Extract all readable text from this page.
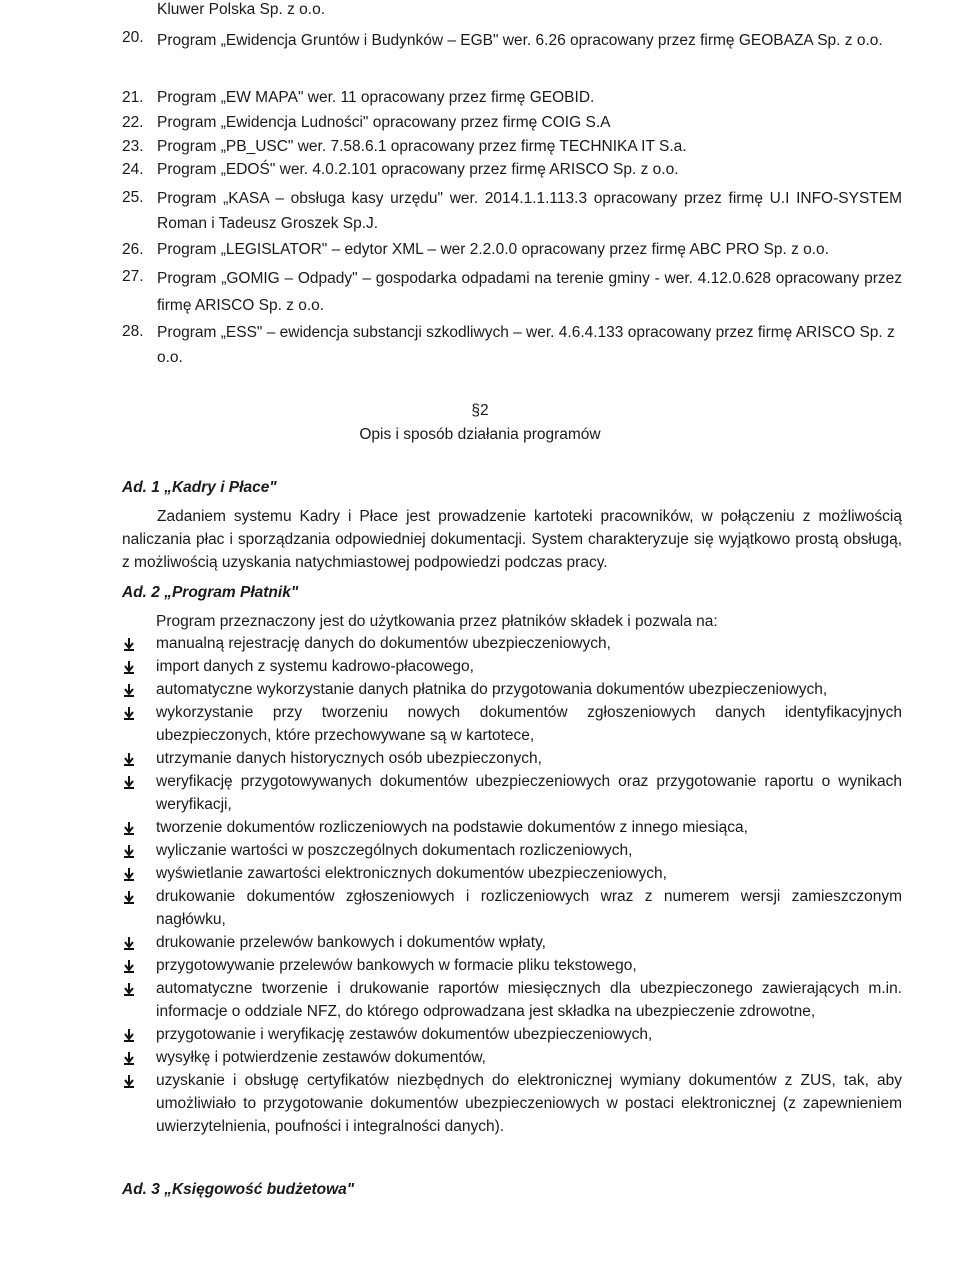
Kluwer Polska Sp. z o.o.
20. Program „Ewidencja Gruntów i Budynków – EGB" wer. 6.26 opracowany przez firmę GEOBAZA Sp. z o.o.
21. Program „EW MAPA" wer. 11 opracowany przez firmę GEOBID.
22. Program „Ewidencja Ludności" opracowany przez firmę COIG S.A
23. Program „PB_USC" wer. 7.58.6.1 opracowany przez firmę TECHNIKA IT S.a.
24. Program „EDOŚ" wer. 4.0.2.101 opracowany przez firmę ARISCO Sp. z o.o.
25. Program „KASA – obsługa kasy urzędu" wer. 2014.1.1.113.3 opracowany przez firmę U.I INFO-SYSTEM Roman i Tadeusz Groszek Sp.J.
26. Program „LEGISLATOR" – edytor XML – wer 2.2.0.0 opracowany przez firmę ABC PRO Sp. z o.o.
27. Program „GOMIG – Odpady" – gospodarka odpadami na terenie gminy - wer. 4.12.0.628 opracowany przez firmę ARISCO Sp. z o.o.
28. Program „ESS" – ewidencja substancji szkodliwych – wer. 4.6.4.133 opracowany przez firmę ARISCO Sp. z o.o.
§2
Opis i sposób działania programów
Ad. 1 „Kadry i Płace"
Zadaniem systemu Kadry i Płace jest prowadzenie kartoteki pracowników, w połączeniu z możliwością naliczania płac i sporządzania odpowiedniej dokumentacji. System charakteryzuje się wyjątkowo prostą obsługą, z możliwością uzyskania natychmiastowej podpowiedzi podczas pracy.
Ad. 2 „Program Płatnik"
Program przeznaczony jest do użytkowania przez płatników składek i pozwala na:
manualną rejestrację danych do dokumentów ubezpieczeniowych,
import danych z systemu kadrowo-płacowego,
automatyczne wykorzystanie danych płatnika do przygotowania dokumentów ubezpieczeniowych,
wykorzystanie przy tworzeniu nowych dokumentów zgłoszeniowych danych identyfikacyjnych ubezpieczonych, które przechowywane są w kartotece,
utrzymanie danych historycznych osób ubezpieczonych,
weryfikację przygotowywanych dokumentów ubezpieczeniowych oraz przygotowanie raportu o wynikach weryfikacji,
tworzenie dokumentów rozliczeniowych na podstawie dokumentów z innego miesiąca,
wyliczanie wartości w poszczególnych dokumentach rozliczeniowych,
wyświetlanie zawartości elektronicznych dokumentów ubezpieczeniowych,
drukowanie dokumentów zgłoszeniowych i rozliczeniowych wraz z numerem wersji zamieszczonym nagłówku,
drukowanie przelewów bankowych i dokumentów wpłaty,
przygotowywanie przelewów bankowych w formacie pliku tekstowego,
automatyczne tworzenie i drukowanie raportów miesięcznych dla ubezpieczonego zawierających m.in. informacje o oddziale NFZ, do którego odprowadzana jest składka na ubezpieczenie zdrowotne,
przygotowanie i weryfikację zestawów dokumentów ubezpieczeniowych,
wysyłkę i potwierdzenie zestawów dokumentów,
uzyskanie i obsługę certyfikatów niezbędnych do elektronicznej wymiany dokumentów z ZUS, tak, aby umożliwiało to przygotowanie dokumentów ubezpieczeniowych w postaci elektronicznej (z zapewnieniem uwierzytelnienia, poufności i integralności danych).
Ad. 3 „Księgowość budżetowa"
